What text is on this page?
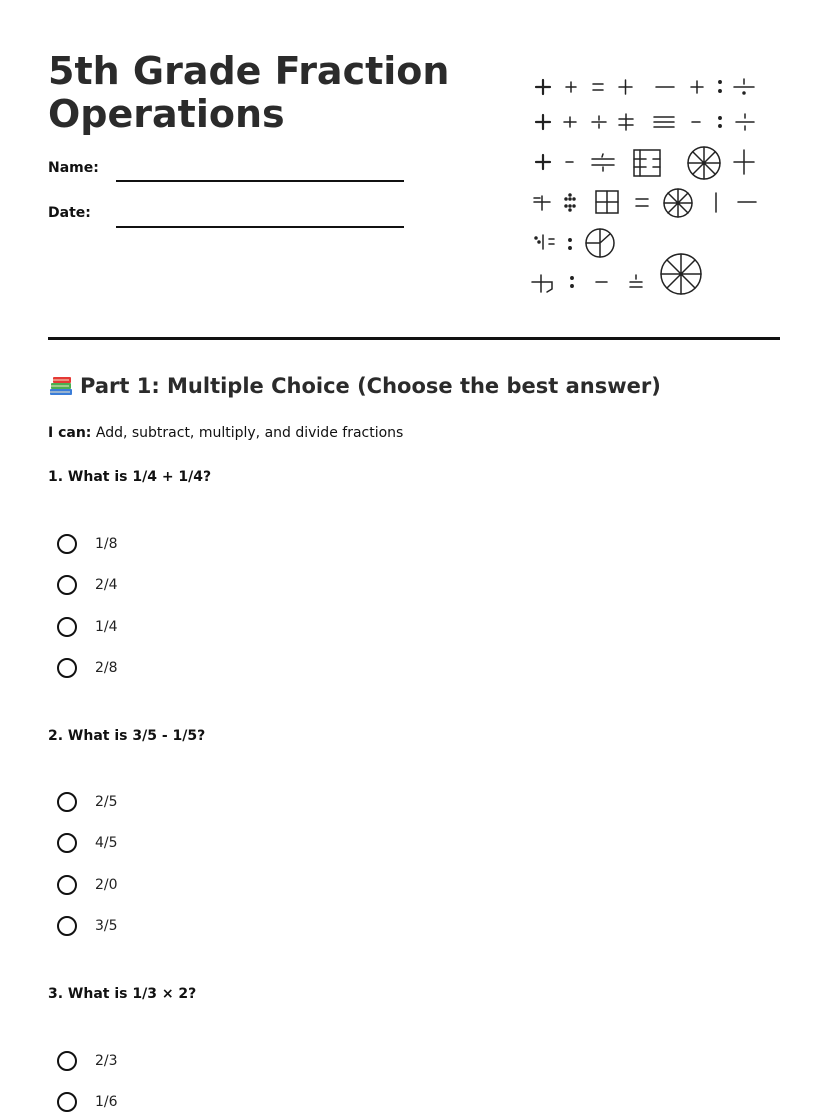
5th Grade Fraction Operations
Name:
Date:
Part 1: Multiple Choice (Choose the best answer)
I can: Add, subtract, multiply, and divide fractions
1. What is 1/4 + 1/4?
1/8
2/4
1/4
2/8
2. What is 3/5 - 1/5?
2/5
4/5
2/0
3/5
3. What is 1/3 × 2?
2/3
1/6
